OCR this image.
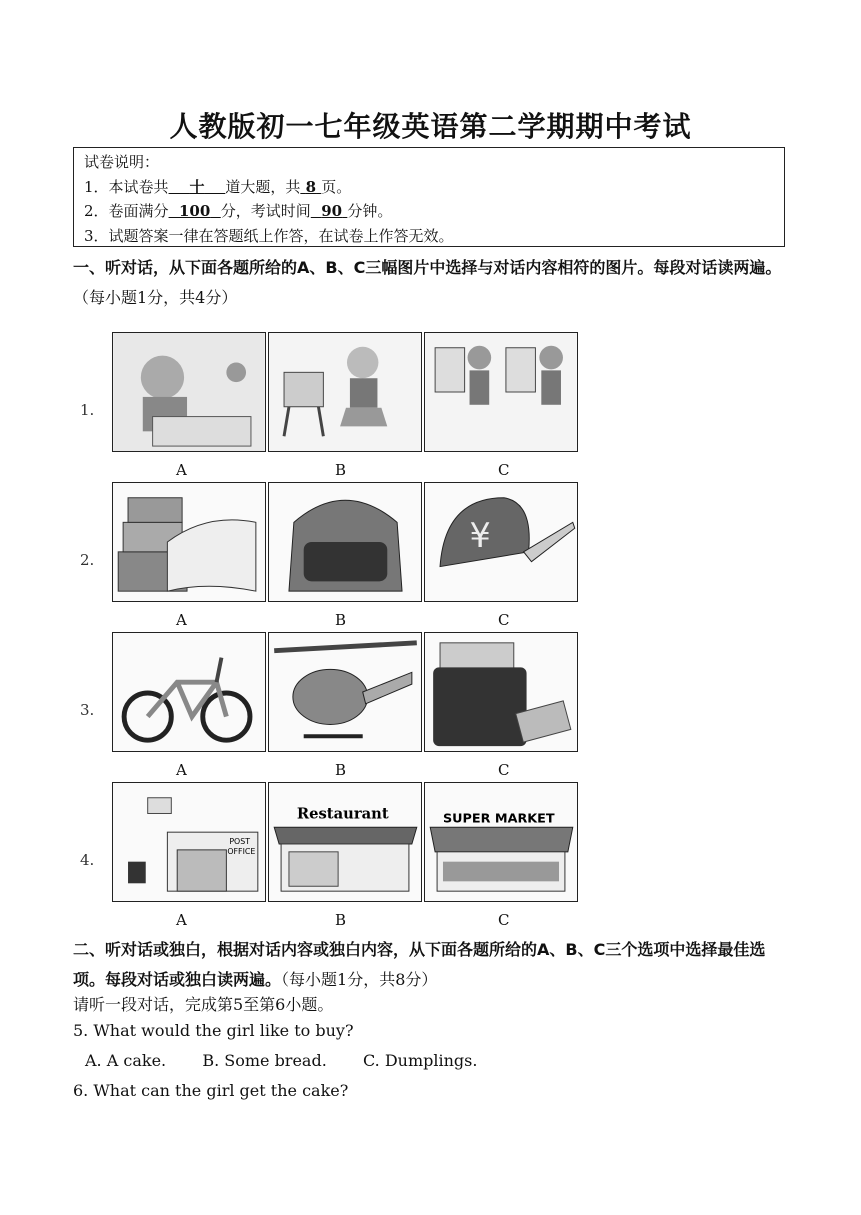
人教版初一七年级英语第二学期期中考试
试卷说明：
1．本试卷共 十 道大题，共 8 页。
2．卷面满分 100 分，考试时间 90 分钟。
3．试题答案一律在答题纸上作答，在试卷上作答无效。
一、听对话，从下面各题所给的A、B、C三幅图片中选择与对话内容相符的图片。每段对话读两遍。（每小题1分，共4分）
1.
A	B	C
2.
¥
A	B	C
3.
A	B	C
4.
POST
OFFICE
Restaurant	SUPER MARKET
A	B	C
二、听对话或独白，根据对话内容或独白内容，从下面各题所给的A、B、C三个选项中选择最佳选项。每段对话或独白读两遍。（每小题1分，共8分）
请听一段对话，完成第5至第6小题。
5. What would the girl like to buy?
A. A cake. B. Some bread. C. Dumplings.
6. What can the girl get the cake?
